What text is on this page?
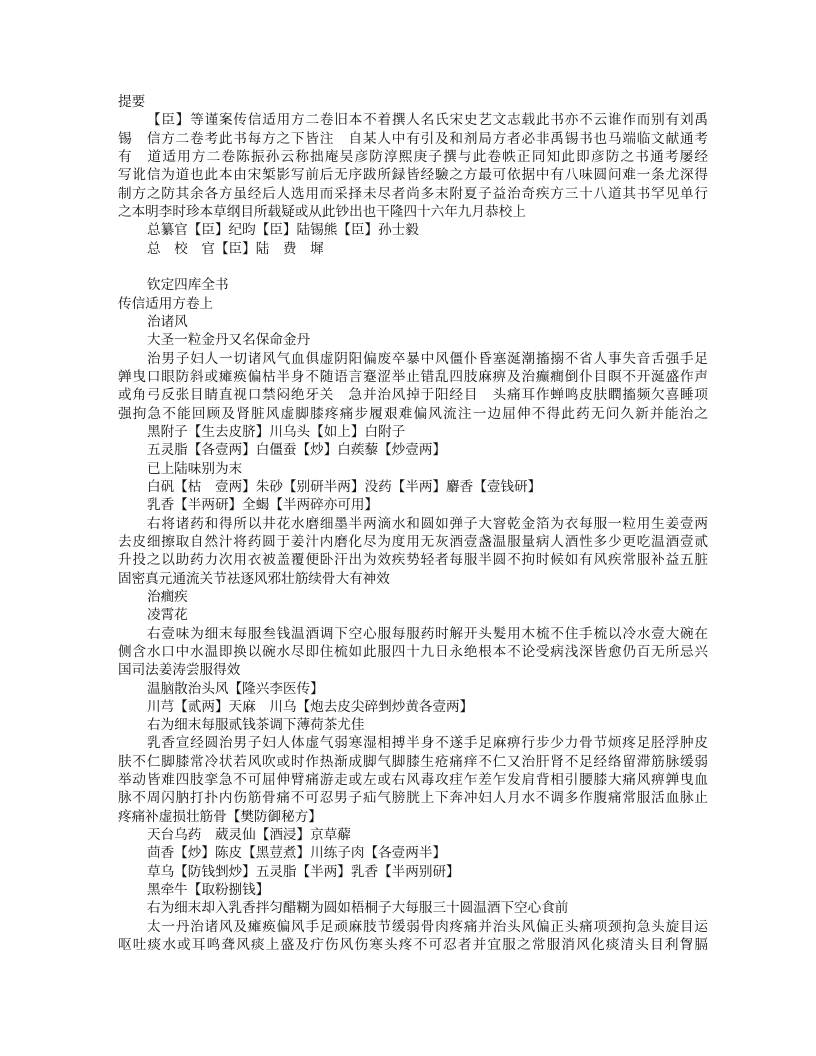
提要
【臣】等谨案传信适用方二卷旧本不着撰人名氏宋史艺文志载此书亦不云谁作而别有刘禹
锡　信方二卷考此书每方之下皆注　自某人中有引及和剂局方者必非禹锡书也马端临文献通考
有　道适用方二卷陈振孙云称拙庵吴彦防淳熙庚子撰与此卷帙正同知此即彦防之书通考屡经
写讹信为道也此本由宋椠影写前后无序跋所録皆经驗之方最可依据中有八味圆问难一条尤深得
制方之防其余各方虽经后人选用而采择未尽者尚多末附夏子益治奇疾方三十八道其书罕见单行
之本明李时珍本草纲目所载疑或从此钞出也干隆四十六年九月恭校上
总纂官【臣】纪昀【臣】陆锡熊【臣】孙士毅
总　校　官【臣】陆　费　墀
钦定四库全书
传信适用方卷上
治诸风
大圣一粒金丹又名保命金丹
治男子妇人一切诸风气血俱虚阴阳偏废卒暴中风僵仆昏塞涎潮搐搦不省人事失音舌强手足
亸曳口眼防斜或瘫痪偏枯半身不随语言蹇涩举止错乱四肢麻痹及治癫癎倒仆目瞑不开涎盛作声
或角弓反张目睛直视口禁闷绝牙关　急并治风掉于阳经目　头痛耳作蝉鸣皮肤瞤搐频欠喜睡项
强拘急不能回顾及肾脏风虚脚膝疼痛步履艰难偏风流注一边屈伸不得此药无问久新并能治之
黑附子【生去皮脐】川乌头【如上】白附子
五灵脂【各壹两】白僵蚕【炒】白蒺藜【炒壹两】
已上陆味别为末
白矾【枯　壹两】朱砂【别研半两】没药【半两】麝香【壹钱研】
乳香【半两研】全蝎【半两碎亦可用】
右将诸药和得所以井花水磨细墨半两滴水和圆如弹子大窨乾金箔为衣每服一粒用生姜壹两
去皮细擦取自然汁将药圆于姜汁内磨化尽为度用无灰酒壹盏温服量病人酒性多少更吃温酒壹贰
升投之以助药力次用衣被盖覆便卧汗出为效疾势轻者每服半圆不拘时候如有风疾常服补益五脏
固密真元通流关节祛逐风邪壮筋续骨大有神效
治癎疾
凌霄花
右壹味为细末每服叁钱温酒调下空心服每服药时解开头髮用木梳不住手梳以冷水壹大碗在
侧含水口中水温即换以碗水尽即住梳如此服四十九日永绝根本不论受病浅深皆愈仍百无所忌兴
国司法姜涛尝服得效
温脑散治头风【隆兴李医传】
川芎【贰两】天麻　川乌【炮去皮尖碎剉炒黄各壹两】
右为细末每服贰钱茶调下薄荷茶尤佳
乳香宣经圆治男子妇人体虚气弱寒湿相搏半身不遂手足麻痹行步少力骨节烦疼足胫浮肿皮
肤不仁脚膝常冷状若风吹或时作热渐成脚气脚膝生疮痛痒不仁又治肝肾不足经络留滞筋脉缓弱
举动皆难四肢挛急不可屈伸臂痛游走或左或右风毒攻疰乍差乍发肩背相引腰膝大痛风痹亸曳血
脉不周闪肭打扑内伤筋骨痛不可忍男子疝气膀胱上下奔冲妇人月水不调多作腹痛常服活血脉止
疼痛补虚损壮筋骨【樊防御秘方】
天台乌药　葳灵仙【酒浸】京草薢
茴香【炒】陈皮【黑荳煮】川练子肉【各壹两半】
草乌【防钱剉炒】五灵脂【半两】乳香【半两别研】
黑牵牛【取粉捌钱】
右为细末却入乳香拌匀醋糊为圆如梧桐子大每服三十圆温酒下空心食前
太一丹治诸风及瘫痪偏风手足顽麻肢节缓弱骨肉疼痛并治头风偏正头痛项颈拘急头旋目运
呕吐痰水或耳鸣聋风痰上盛及疔伤风伤寒头疼不可忍者并宜服之常服消风化痰清头目利胷膈
